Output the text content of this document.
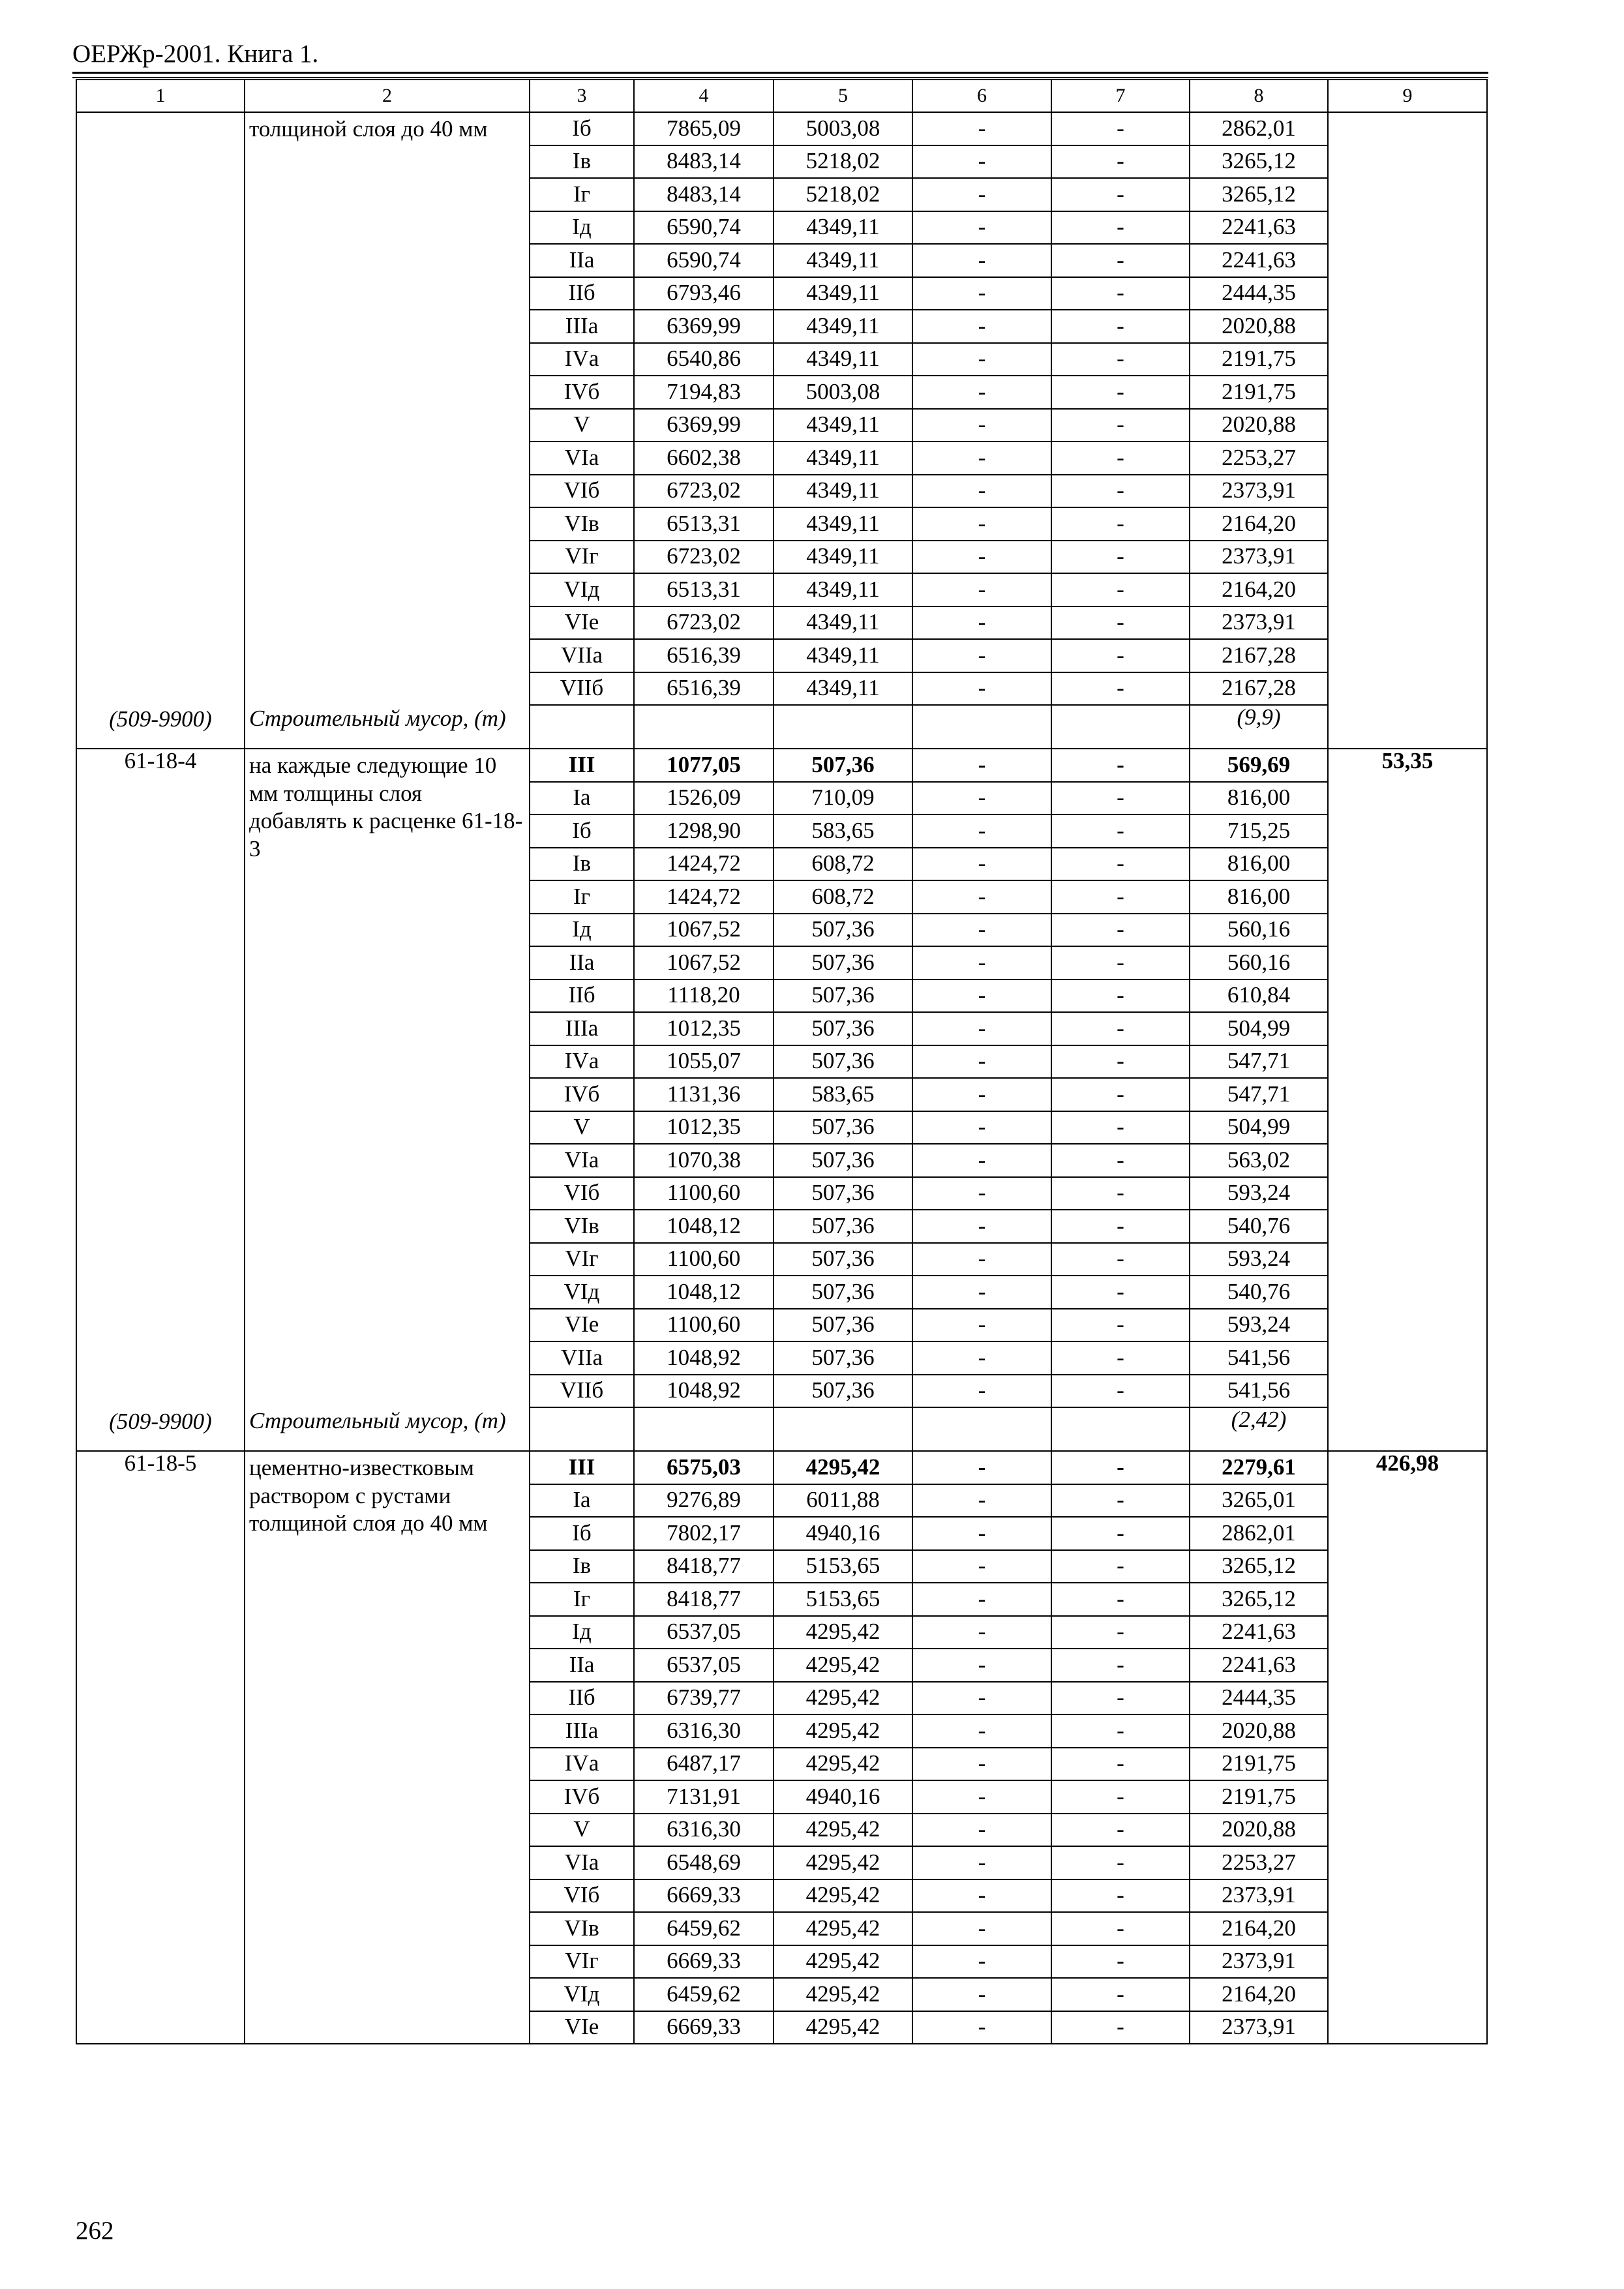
ОЕРЖр-2001. Книга 1.
1	2	3	4	5	6	7	8	9
	толщиной слоя до 40 мм	Iб	7865,09	5003,08	-	-	2862,01	
		Iв	8483,14	5218,02	-	-	3265,12	
		Iг	8483,14	5218,02	-	-	3265,12	
		Iд	6590,74	4349,11	-	-	2241,63	
		IIа	6590,74	4349,11	-	-	2241,63	
		IIб	6793,46	4349,11	-	-	2444,35	
		IIIа	6369,99	4349,11	-	-	2020,88	
		IVа	6540,86	4349,11	-	-	2191,75	
		IVб	7194,83	5003,08	-	-	2191,75	
		V	6369,99	4349,11	-	-	2020,88	
		VIа	6602,38	4349,11	-	-	2253,27	
		VIб	6723,02	4349,11	-	-	2373,91	
		VIв	6513,31	4349,11	-	-	2164,20	
		VIг	6723,02	4349,11	-	-	2373,91	
		VIд	6513,31	4349,11	-	-	2164,20	
		VIе	6723,02	4349,11	-	-	2373,91	
		VIIа	6516,39	4349,11	-	-	2167,28	
		VIIб	6516,39	4349,11	-	-	2167,28	
(509-9900)	Строительный мусор, (т)						(9,9)	
61-18-4	на каждые следующие 10 мм толщины слоя добавлять к расценке 61-18-3	III	1077,05	507,36	-	-	569,69	53,35
		Iа	1526,09	710,09	-	-	816,00	
		Iб	1298,90	583,65	-	-	715,25	
		Iв	1424,72	608,72	-	-	816,00	
		Iг	1424,72	608,72	-	-	816,00	
		Iд	1067,52	507,36	-	-	560,16	
		IIа	1067,52	507,36	-	-	560,16	
		IIб	1118,20	507,36	-	-	610,84	
		IIIа	1012,35	507,36	-	-	504,99	
		IVа	1055,07	507,36	-	-	547,71	
		IVб	1131,36	583,65	-	-	547,71	
		V	1012,35	507,36	-	-	504,99	
		VIа	1070,38	507,36	-	-	563,02	
		VIб	1100,60	507,36	-	-	593,24	
		VIв	1048,12	507,36	-	-	540,76	
		VIг	1100,60	507,36	-	-	593,24	
		VIд	1048,12	507,36	-	-	540,76	
		VIе	1100,60	507,36	-	-	593,24	
		VIIа	1048,92	507,36	-	-	541,56	
		VIIб	1048,92	507,36	-	-	541,56	
(509-9900)	Строительный мусор, (т)						(2,42)	
61-18-5	цементно-известковым раствором с рустами толщиной слоя до 40 мм	III	6575,03	4295,42	-	-	2279,61	426,98
		Iа	9276,89	6011,88	-	-	3265,01	
		Iб	7802,17	4940,16	-	-	2862,01	
		Iв	8418,77	5153,65	-	-	3265,12	
		Iг	8418,77	5153,65	-	-	3265,12	
		Iд	6537,05	4295,42	-	-	2241,63	
		IIа	6537,05	4295,42	-	-	2241,63	
		IIб	6739,77	4295,42	-	-	2444,35	
		IIIа	6316,30	4295,42	-	-	2020,88	
		IVа	6487,17	4295,42	-	-	2191,75	
		IVб	7131,91	4940,16	-	-	2191,75	
		V	6316,30	4295,42	-	-	2020,88	
		VIа	6548,69	4295,42	-	-	2253,27	
		VIб	6669,33	4295,42	-	-	2373,91	
		VIв	6459,62	4295,42	-	-	2164,20	
		VIг	6669,33	4295,42	-	-	2373,91	
		VIд	6459,62	4295,42	-	-	2164,20	
		VIе	6669,33	4295,42	-	-	2373,91	
262
